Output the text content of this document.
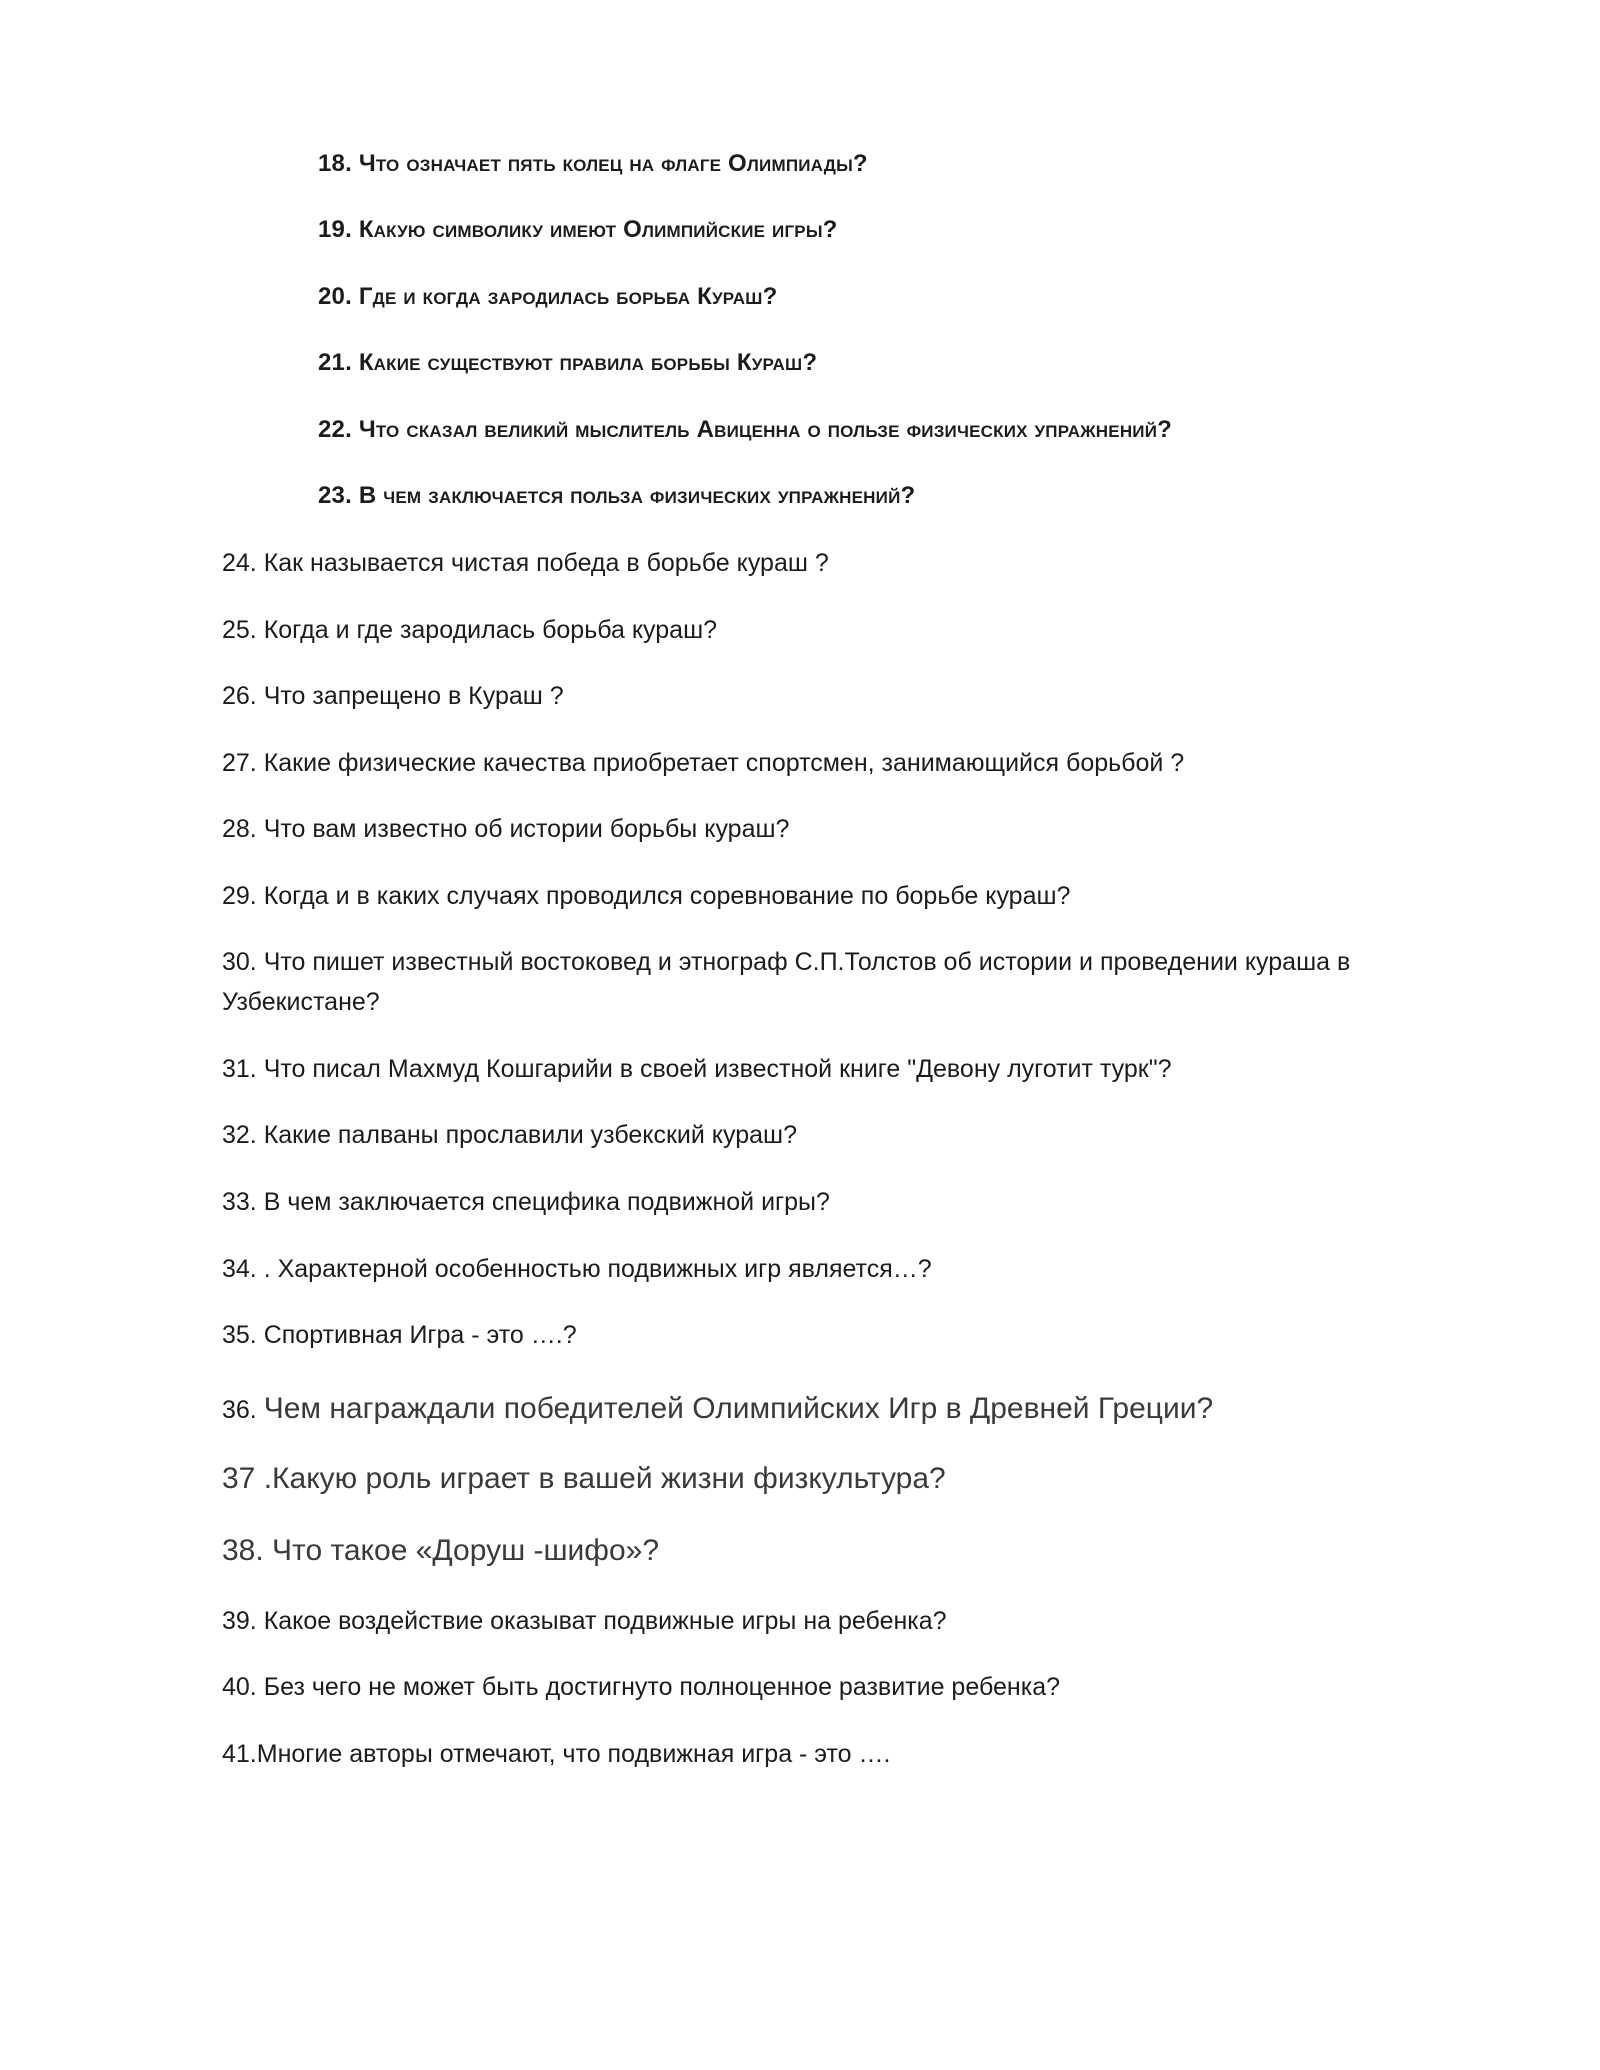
18. Что означает пять колец на флаге Олимпиады?

19. Какую символику имеют Олимпийские игры?

20. Где и когда зародилась борьба Кураш?

21. Какие существуют правила борьбы Кураш?

22. Что сказал великий мыслитель Авиценна о пользе физических упражнений?

23. В чем заключается польза физических упражнений?

24. Как называется чистая победа в борьбе кураш ?

25. Когда и где зародилась борьба кураш?

26. Что запрещено в Кураш ?

27. Какие физические качества приобретает спортсмен, занимающийся борьбой ?

28. Что вам известно об истории борьбы кураш?

29. Когда и в каких случаях проводился соревнование по борьбе кураш?

30. Что пишет известный востоковед и этнограф С.П.Толстов об истории и проведении кураша в

Узбекистане?

31. Что писал Махмуд Кошгарийи в своей известной книге "Девону луготит турк"?

32. Какие палваны прославили узбекский кураш?

33. В чем заключается специфика подвижной игры?

34. . Характерной особенностью подвижных игр является…?

35. Спортивная Игра - это ….?

36. Чем награждали победителей Олимпийских Игр в Древней Греции?

37 .Какую роль играет в вашей жизни физкультура?

38. Что такое «Доруш -шифо»?

39. Какое воздействие оказыват подвижные игры на ребенка?

40. Без чего не может быть достигнуто полноценное развитие ребенка?

41.Многие авторы отмечают, что подвижная игра - это ….
